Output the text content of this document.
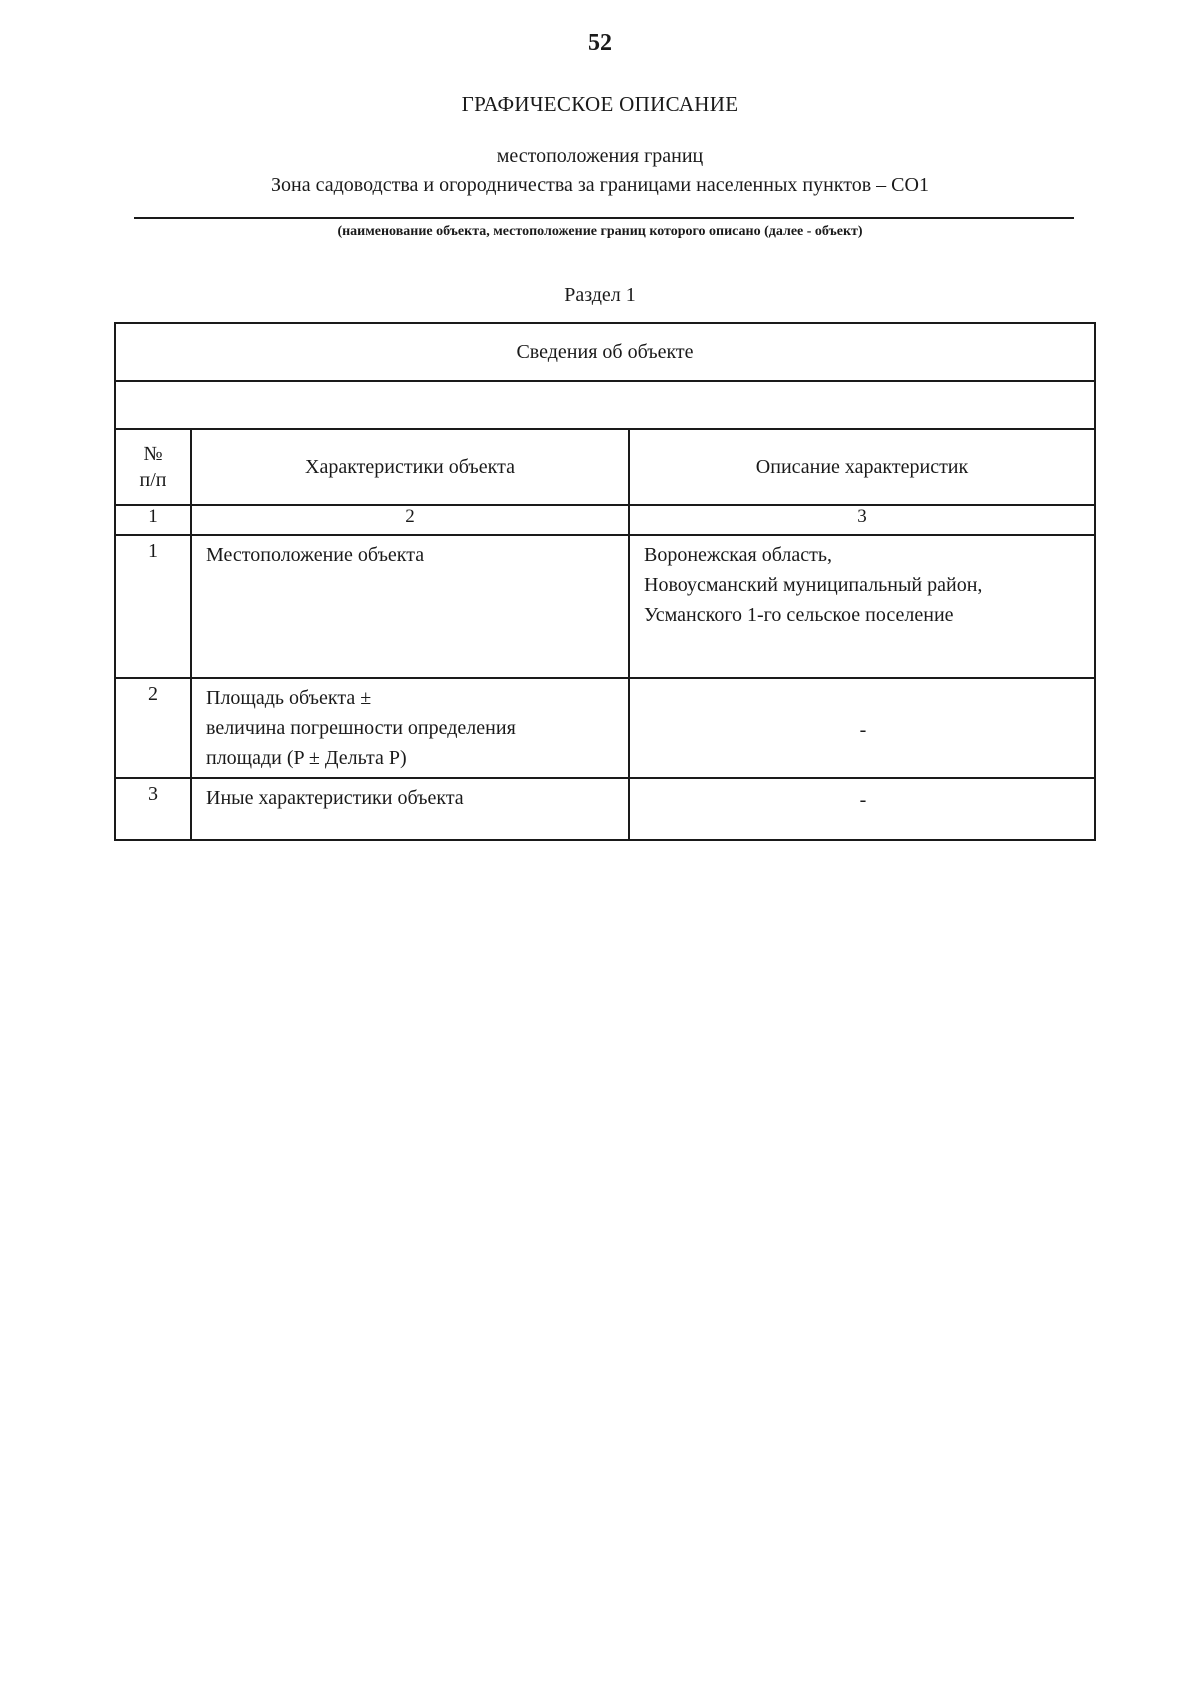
52
ГРАФИЧЕСКОЕ ОПИСАНИЕ
местоположения границ
Зона садоводства и огородничества за границами населенных пунктов – СО1
(наименование объекта, местоположение границ которого описано (далее - объект)
Раздел 1
Сведения об объекте		

№
п/п	Характеристики объекта	Описание характеристик
1	2	3
1	Местоположение объекта	Воронежская область,
Новоусманский муниципальный район,
Усманского 1-го сельское поселение

2	Площадь объекта ±
величина погрешности определения
площади (P ± Дельта P)	-
3	Иные характеристики объекта	-
